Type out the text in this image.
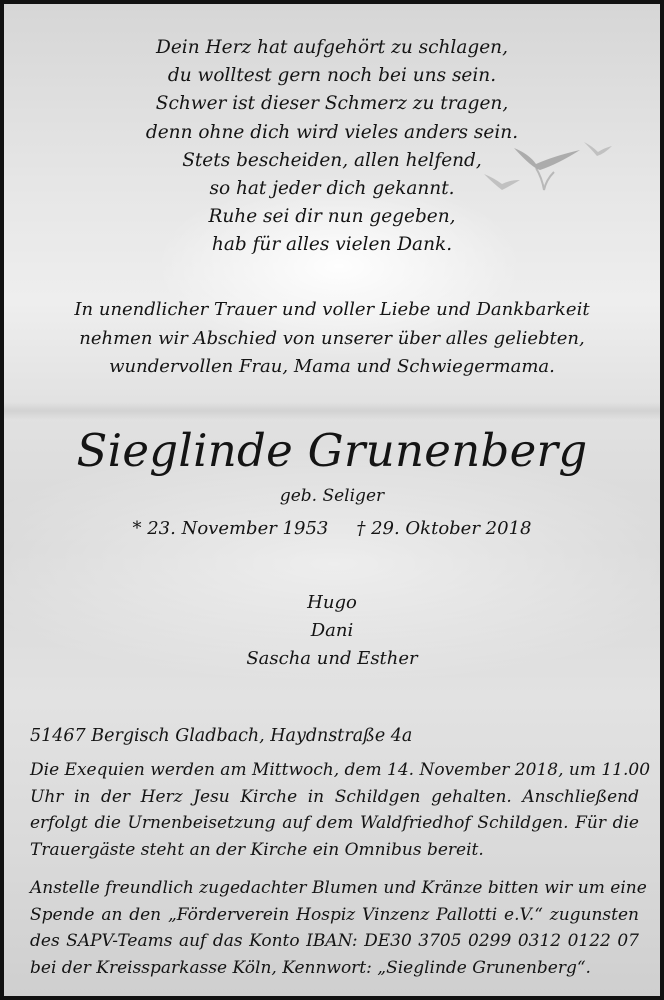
Dein Herz hat aufgehört zu schlagen,
du wolltest gern noch bei uns sein.
Schwer ist dieser Schmerz zu tragen,
denn ohne dich wird vieles anders sein.
Stets bescheiden, allen helfend,
so hat jeder dich gekannt.
Ruhe sei dir nun gegeben,
hab für alles vielen Dank.
In unendlicher Trauer und voller Liebe und Dankbarkeit
nehmen wir Abschied von unserer über alles geliebten,
wundervollen Frau, Mama und Schwiegermama.
Sieglinde Grunenberg
geb. Seliger
* 23. November 1953 † 29. Oktober 2018
Hugo
Dani
Sascha und Esther
51467 Bergisch Gladbach, Haydnstraße 4a
Die Exequien werden am Mittwoch, dem 14. November 2018, um 11.00
Uhr in der Herz Jesu Kirche in Schildgen gehalten. Anschließend
erfolgt die Urnenbeisetzung auf dem Waldfriedhof Schildgen. Für die
Trauergäste steht an der Kirche ein Omnibus bereit.
Anstelle freundlich zugedachter Blumen und Kränze bitten wir um eine
Spende an den „Förderverein Hospiz Vinzenz Pallotti e.V.“ zugunsten
des SAPV-Teams auf das Konto IBAN: DE30 3705 0299 0312 0122 07
bei der Kreissparkasse Köln, Kennwort: „Sieglinde Grunenberg“.
